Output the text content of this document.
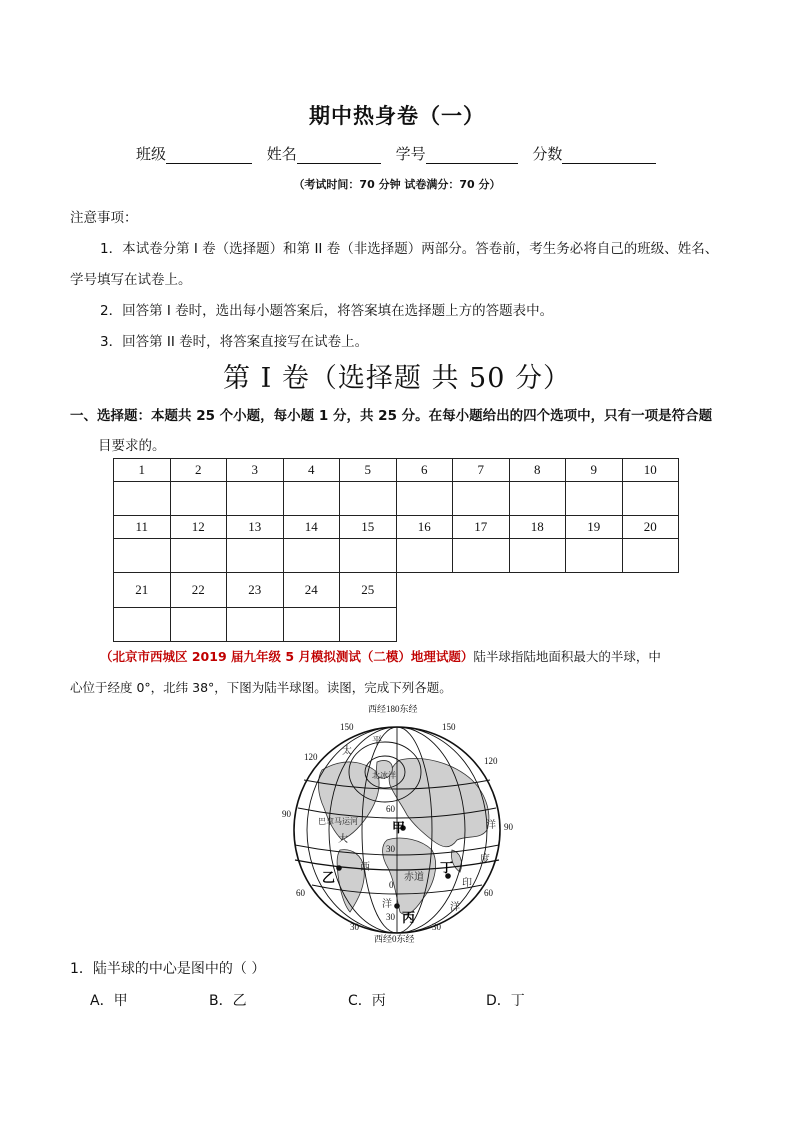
期中热身卷（一）
班级	姓名	学号	分数
（考试时间：70 分钟 试卷满分：70 分）
注意事项：
1．本试卷分第 I 卷（选择题）和第 II 卷（非选择题）两部分。答卷前，考生务必将自己的班级、姓名、
学号填写在试卷上。
2．回答第 I 卷时，选出每小题答案后，将答案填在选择题上方的答题表中。
3．回答第 II 卷时，将答案直接写在试卷上。
第 I 卷（选择题 共 50 分）
一、选择题：本题共 25 个小题，每小题 1 分，共 25 分。在每小题给出的四个选项中，只有一项是符合题
目要求的。
1	2	3	4	5	6	7	8	9	10

11	12	13	14	15	16	17	18	19	20

21	22	23	24	25					

（北京市西城区 2019 届九年级 5 月模拟测试（二模）地理试题）陆半球指陆地面积最大的半球，中
心位于经度 0°，北纬 38°，下图为陆半球图。读图，完成下列各题。
西经180东经
150	150
120	120
90
90
60	60
30	30
西经0东经
60
30
0
30
太
平
北冰洋
巴拿马运河
大
西
洋
赤道
洋
度
印
洋
甲
乙
丙
丁
1．陆半球的中心是图中的（ ）
A．甲	B．乙	C．丙	D．丁
